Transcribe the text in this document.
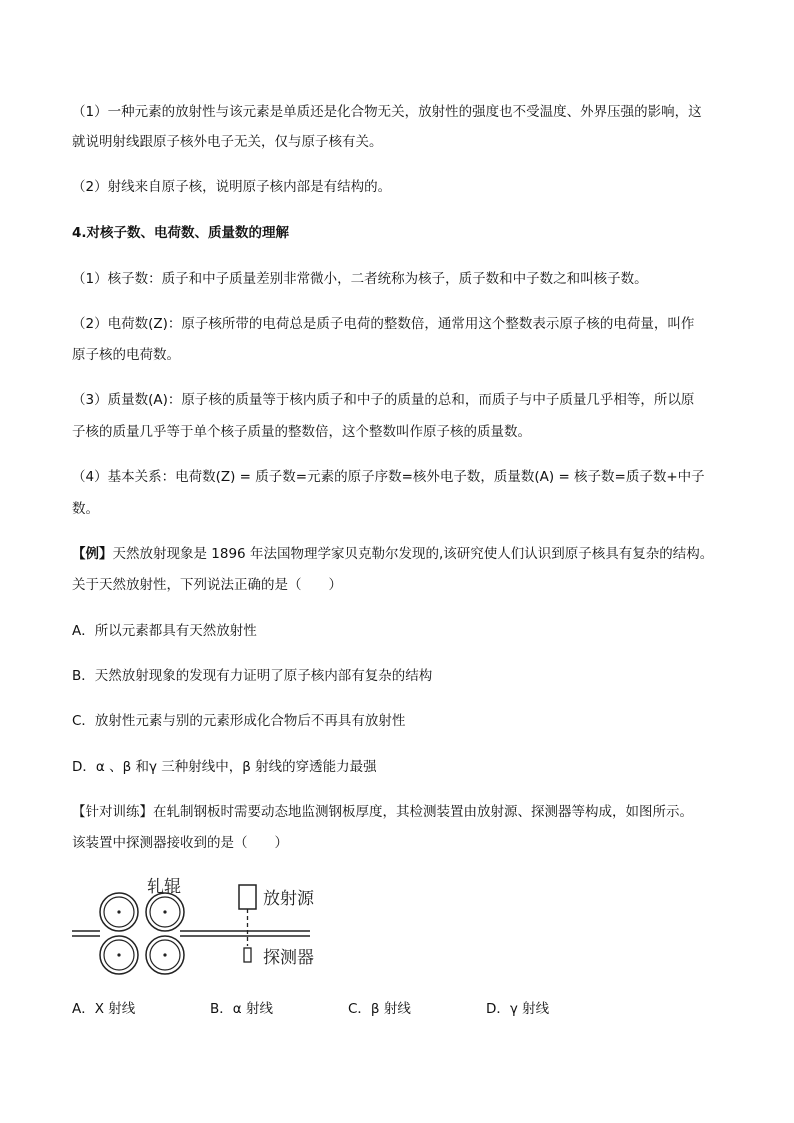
（1）一种元素的放射性与该元素是单质还是化合物无关，放射性的强度也不受温度、外界压强的影响，这
就说明射线跟原子核外电子无关，仅与原子核有关。
（2）射线来自原子核，说明原子核内部是有结构的。
4.对核子数、电荷数、质量数的理解
（1）核子数：质子和中子质量差别非常微小，二者统称为核子，质子数和中子数之和叫核子数。
（2）电荷数(Z)：原子核所带的电荷总是质子电荷的整数倍，通常用这个整数表示原子核的电荷量，叫作
原子核的电荷数。
（3）质量数(A)：原子核的质量等于核内质子和中子的质量的总和，而质子与中子质量几乎相等，所以原
子核的质量几乎等于单个核子质量的整数倍，这个整数叫作原子核的质量数。
（4）基本关系：电荷数(Z) = 质子数=元素的原子序数=核外电子数，质量数(A) = 核子数=质子数+中子
数。
【例】天然放射现象是 1896 年法国物理学家贝克勒尔发现的,该研究使人们认识到原子核具有复杂的结构。
关于天然放射性，下列说法正确的是（　　）
A．所以元素都具有天然放射性
B．天然放射现象的发现有力证明了原子核内部有复杂的结构
C．放射性元素与别的元素形成化合物后不再具有放射性
D．α 、β 和γ 三种射线中，β 射线的穿透能力最强
【针对训练】在轧制钢板时需要动态地监测钢板厚度，其检测装置由放射源、探测器等构成，如图所示。
该装置中探测器接收到的是（　　）
轧辊
放射源
探测器
A．X 射线	B．α 射线	C．β 射线	D．γ 射线
